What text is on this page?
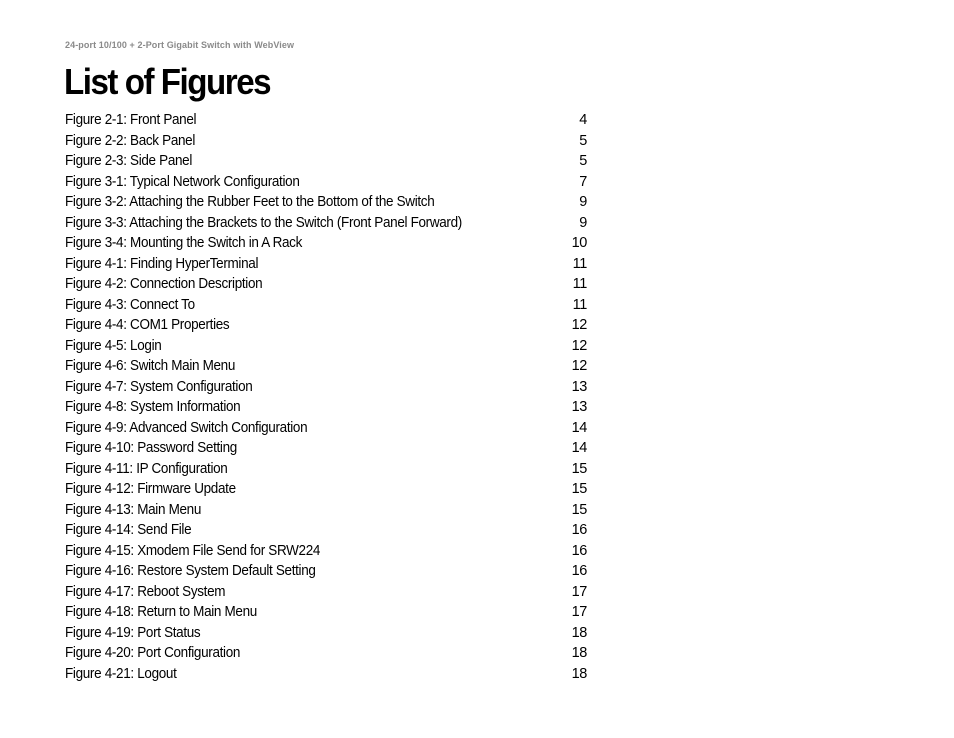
24-port 10/100 + 2-Port Gigabit Switch with WebView
List of Figures
Figure 2-1: Front Panel	4
Figure 2-2: Back Panel	5
Figure 2-3: Side Panel	5
Figure 3-1: Typical Network Configuration	7
Figure 3-2: Attaching the Rubber Feet to the Bottom of the Switch	9
Figure 3-3: Attaching the Brackets to the Switch (Front Panel Forward)	9
Figure 3-4: Mounting the Switch in A Rack	10
Figure 4-1: Finding HyperTerminal	11
Figure 4-2: Connection Description	11
Figure 4-3: Connect To	11
Figure 4-4: COM1 Properties	12
Figure 4-5: Login	12
Figure 4-6: Switch Main Menu	12
Figure 4-7: System Configuration	13
Figure 4-8: System Information	13
Figure 4-9: Advanced Switch Configuration	14
Figure 4-10: Password Setting	14
Figure 4-11: IP Configuration	15
Figure 4-12: Firmware Update	15
Figure 4-13: Main Menu	15
Figure 4-14: Send File	16
Figure 4-15: Xmodem File Send for SRW224	16
Figure 4-16: Restore System Default Setting	16
Figure 4-17: Reboot System	17
Figure 4-18: Return to Main Menu	17
Figure 4-19: Port Status	18
Figure 4-20: Port Configuration	18
Figure 4-21: Logout	18
